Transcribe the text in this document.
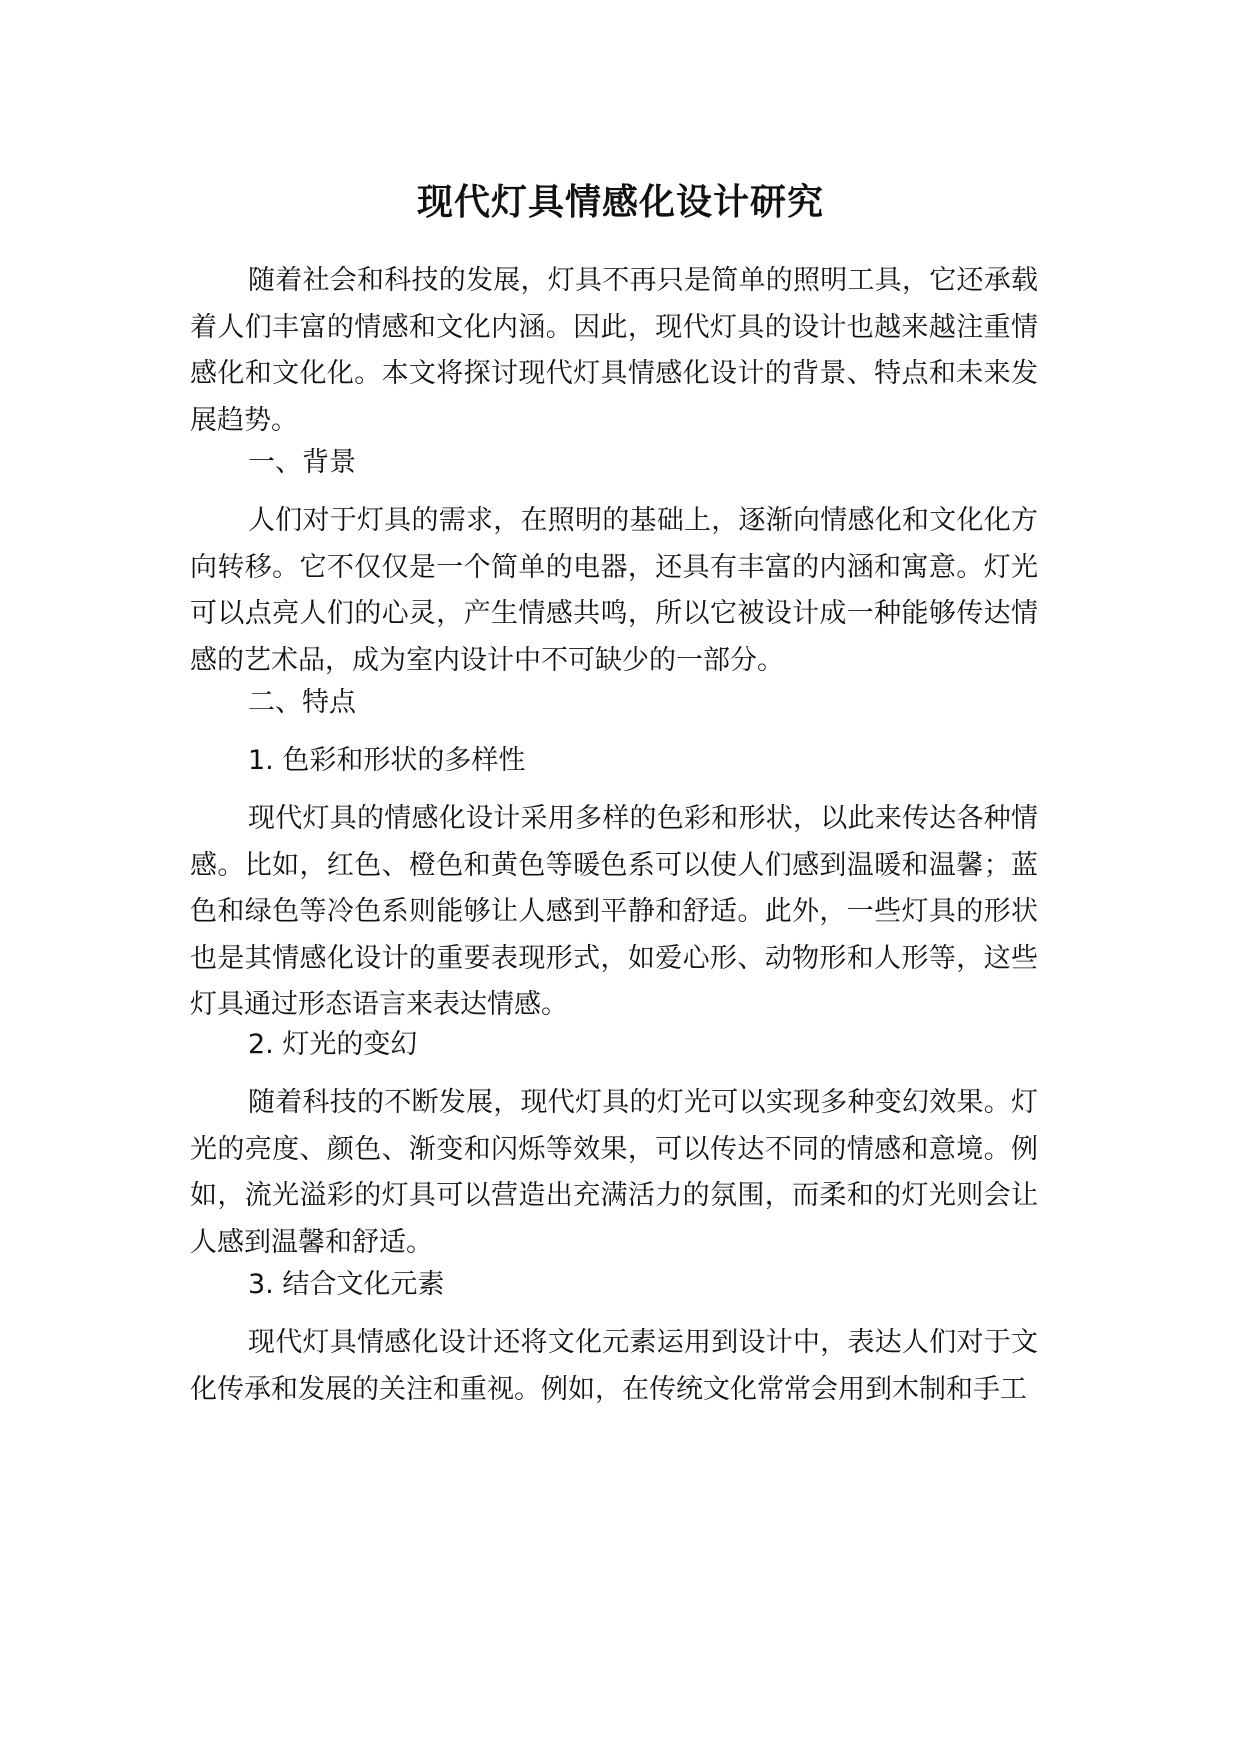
现代灯具情感化设计研究

随着社会和科技的发展，灯具不再只是简单的照明工具，它还承载着人们丰富的情感和文化内涵。因此，现代灯具的设计也越来越注重情感化和文化化。本文将探讨现代灯具情感化设计的背景、特点和未来发展趋势。

一、背景

人们对于灯具的需求，在照明的基础上，逐渐向情感化和文化化方向转移。它不仅仅是一个简单的电器，还具有丰富的内涵和寓意。灯光可以点亮人们的心灵，产生情感共鸣，所以它被设计成一种能够传达情感的艺术品，成为室内设计中不可缺少的一部分。

二、特点

1. 色彩和形状的多样性

现代灯具的情感化设计采用多样的色彩和形状，以此来传达各种情感。比如，红色、橙色和黄色等暖色系可以使人们感到温暖和温馨；蓝色和绿色等冷色系则能够让人感到平静和舒适。此外，一些灯具的形状也是其情感化设计的重要表现形式，如爱心形、动物形和人形等，这些灯具通过形态语言来表达情感。

2. 灯光的变幻

随着科技的不断发展，现代灯具的灯光可以实现多种变幻效果。灯光的亮度、颜色、渐变和闪烁等效果，可以传达不同的情感和意境。例如，流光溢彩的灯具可以营造出充满活力的氛围，而柔和的灯光则会让人感到温馨和舒适。

3. 结合文化元素

现代灯具情感化设计还将文化元素运用到设计中，表达人们对于文化传承和发展的关注和重视。例如，在传统文化常常会用到木制和手工
